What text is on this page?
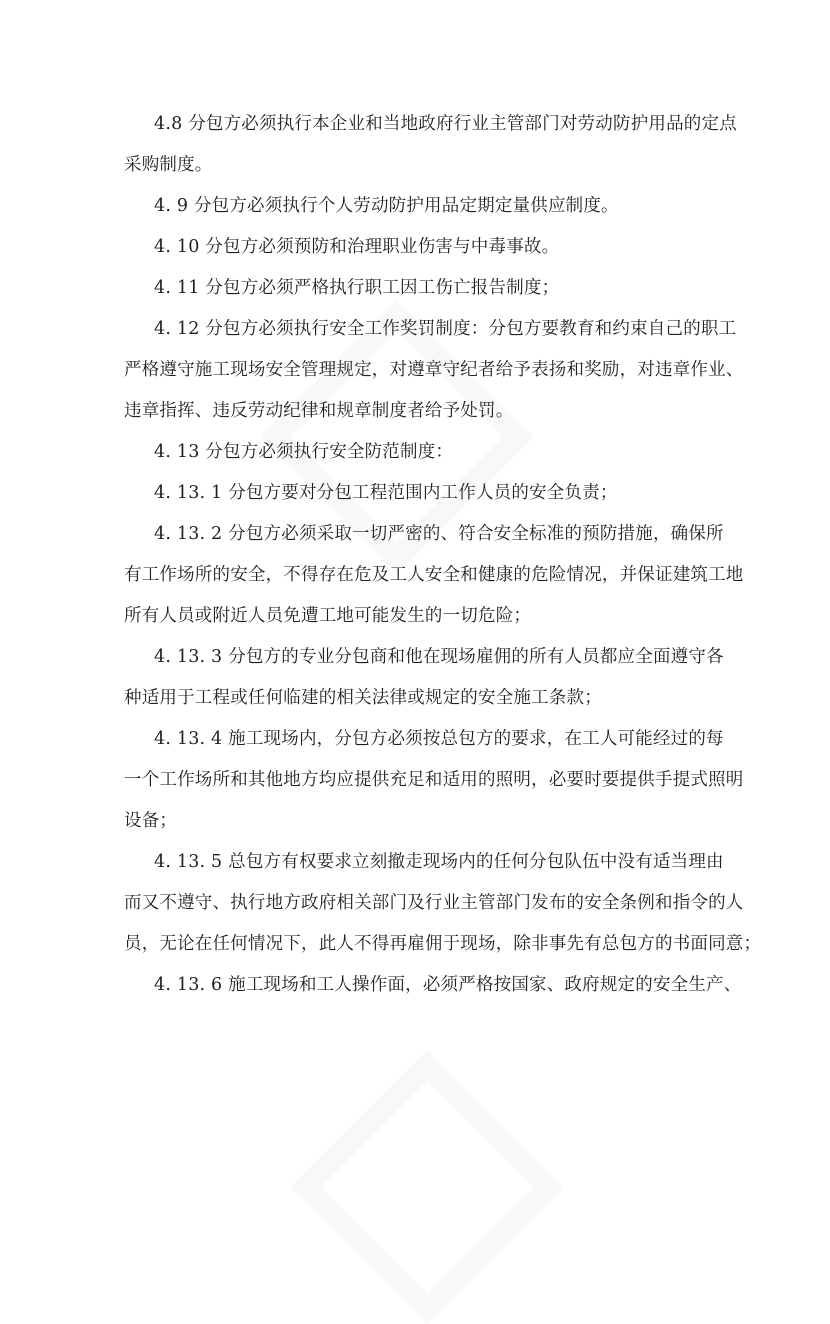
4.8 分包方必须执行本企业和当地政府行业主管部门对劳动防护用品的定点
采购制度。
4. 9 分包方必须执行个人劳动防护用品定期定量供应制度。
4. 10 分包方必须预防和治理职业伤害与中毒事故。
4. 11 分包方必须严格执行职工因工伤亡报告制度；
4. 12 分包方必须执行安全工作奖罚制度：分包方要教育和约束自己的职工
严格遵守施工现场安全管理规定，对遵章守纪者给予表扬和奖励，对违章作业、
违章指挥、违反劳动纪律和规章制度者给予处罚。
4. 13 分包方必须执行安全防范制度：
4. 13. 1 分包方要对分包工程范围内工作人员的安全负责；
4. 13. 2 分包方必须采取一切严密的、符合安全标准的预防措施，确保所
有工作场所的安全，不得存在危及工人安全和健康的危险情况，并保证建筑工地
所有人员或附近人员免遭工地可能发生的一切危险；
4. 13. 3 分包方的专业分包商和他在现场雇佣的所有人员都应全面遵守各
种适用于工程或任何临建的相关法律或规定的安全施工条款；
4. 13. 4 施工现场内，分包方必须按总包方的要求，在工人可能经过的每
一个工作场所和其他地方均应提供充足和适用的照明，必要时要提供手提式照明
设备；
4. 13. 5 总包方有权要求立刻撤走现场内的任何分包队伍中没有适当理由
而又不遵守、执行地方政府相关部门及行业主管部门发布的安全条例和指令的人
员，无论在任何情况下，此人不得再雇佣于现场，除非事先有总包方的书面同意；
4. 13. 6 施工现场和工人操作面，必须严格按国家、政府规定的安全生产、
